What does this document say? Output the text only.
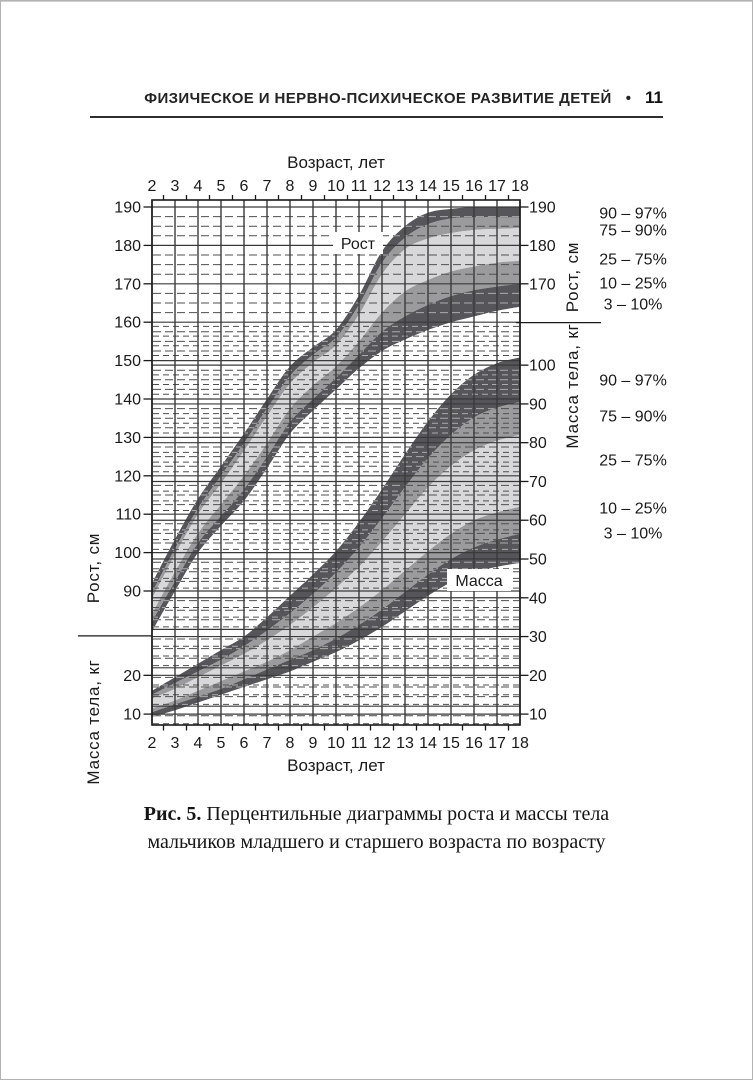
ФИЗИЧЕСКОЕ И НЕРВНО-ПСИХИЧЕСКОЕ РАЗВИТИЕ ДЕТЕЙ • 11
Рост
Масса
2
2
3
3
4
4
5
5
6
6
7
7
8
8
9
9
10
10
11
11
12
12
13
13
14
14
15
15
16
16
17
17
18
18
190
180
170
160
150
140
130
120
110
100
90
20
10
190
180
170
100
90
80
70
60
50
40
30
20
10
Возраст, лет
Возраст, лет
Рост, см
Масса тела, кг
Рост, см
Масса тела, кг
90 – 97%
75 – 90%
25 – 75%
10 – 25%
3 – 10%
90 – 97%
75 – 90%
25 – 75%
10 – 25%
3 – 10%

Рис. 5. Перцентильные диаграммы роста и массы тела
мальчиков младшего и старшего возраста по возрасту
